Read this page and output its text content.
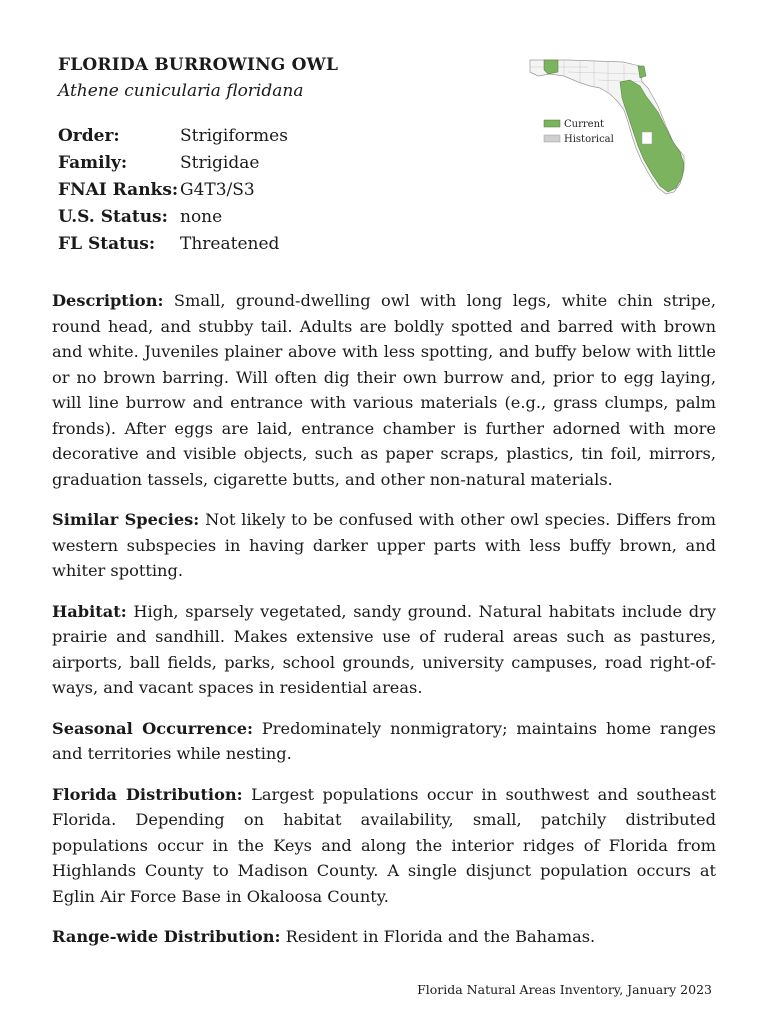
FLORIDA BURROWING OWL
Athene cunicularia floridana
Order:	Strigiformes
Family:	Strigidae
FNAI Ranks: G4T3/S3
U.S. Status: none
FL Status:	Threatened
Current
Historical

Description: Small, ground-dwelling owl with long legs, white chin stripe, round head, and stubby tail. Adults are boldly spotted and barred with brown and white. Juveniles plainer above with less spotting, and buffy below with little or no brown barring. Will often dig their own burrow and, prior to egg laying, will line burrow and entrance with various materials (e.g., grass clumps, palm fronds). After eggs are laid, entrance chamber is further adorned with more decorative and visible objects, such as paper scraps, plastics, tin foil, mirrors, graduation tassels, cigarette butts, and other non-natural materials.

Similar Species: Not likely to be confused with other owl species. Differs from western subspecies in having darker upper parts with less buffy brown, and whiter spotting.

Habitat: High, sparsely vegetated, sandy ground. Natural habitats include dry prairie and sandhill. Makes extensive use of ruderal areas such as pastures, airports, ball fields, parks, school grounds, university campuses, road right-of-ways, and vacant spaces in residential areas.

Seasonal Occurrence: Predominately nonmigratory; maintains home ranges and territories while nesting.

Florida Distribution: Largest populations occur in southwest and southeast Florida. Depending on habitat availability, small, patchily distributed populations occur in the Keys and along the interior ridges of Florida from Highlands County to Madison County. A single disjunct population occurs at Eglin Air Force Base in Okaloosa County.

Range-wide Distribution: Resident in Florida and the Bahamas.

Florida Natural Areas Inventory, January 2023
